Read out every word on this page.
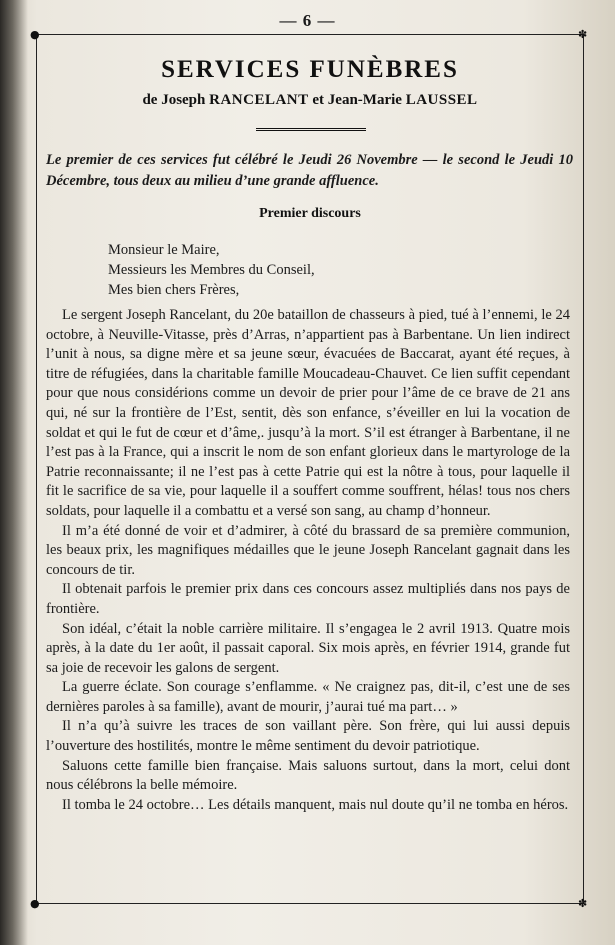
— 6 —
●	✽
●	✽
SERVICES FUNÈBRES
de Joseph RANCELANT et Jean-Marie LAUSSEL
Le premier de ces services fut célébré le Jeudi 26 Novembre — le second le Jeudi 10 Décembre, tous deux au milieu d’une grande affluence.
Premier discours
Monsieur le Maire,
Messieurs les Membres du Conseil,
Mes bien chers Frères,

Le sergent Joseph Rancelant, du 20e bataillon de chasseurs à pied, tué à l’ennemi, le 24 octobre, à Neuville-Vitasse, près d’Arras, n’appartient pas à Barbentane. Un lien indirect l’unit à nous, sa digne mère et sa jeune sœur, évacuées de Baccarat, ayant été reçues, à titre de réfugiées, dans la charitable famille Moucadeau-Chauvet. Ce lien suffit cependant pour que nous considérions comme un devoir de prier pour l’âme de ce brave de 21 ans qui, né sur la frontière de l’Est, sentit, dès son enfance, s’éveiller en lui la vocation de soldat et qui le fut de cœur et d’âme,. jusqu’à la mort. S’il est étranger à Barbentane, il ne l’est pas à la France, qui a inscrit le nom de son enfant glorieux dans le martyrologe de la Patrie reconnaissante; il ne l’est pas à cette Patrie qui est la nôtre à tous, pour laquelle il fit le sacrifice de sa vie, pour laquelle il a souffert comme souffrent, hélas! tous nos chers soldats, pour laquelle il a combattu et a versé son sang, au champ d’honneur.

Il m’a été donné de voir et d’admirer, à côté du brassard de sa première communion, les beaux prix, les magnifiques médailles que le jeune Joseph Rancelant gagnait dans les concours de tir.

Il obtenait parfois le premier prix dans ces concours assez multipliés dans nos pays de frontière.

Son idéal, c’était la noble carrière militaire. Il s’engagea le 2 avril 1913. Quatre mois après, à la date du 1er août, il passait caporal. Six mois après, en février 1914, grande fut sa joie de recevoir les galons de sergent.

La guerre éclate. Son courage s’enflamme. « Ne craignez pas, dit-il, c’est une de ses dernières paroles à sa famille), avant de mourir, j’aurai tué ma part… »

Il n’a qu’à suivre les traces de son vaillant père. Son frère, qui lui aussi depuis l’ouverture des hostilités, montre le même sentiment du devoir patriotique.

Saluons cette famille bien française. Mais saluons surtout, dans la mort, celui dont nous célébrons la belle mémoire.

Il tomba le 24 octobre… Les détails manquent, mais nul doute qu’il ne tomba en héros.
